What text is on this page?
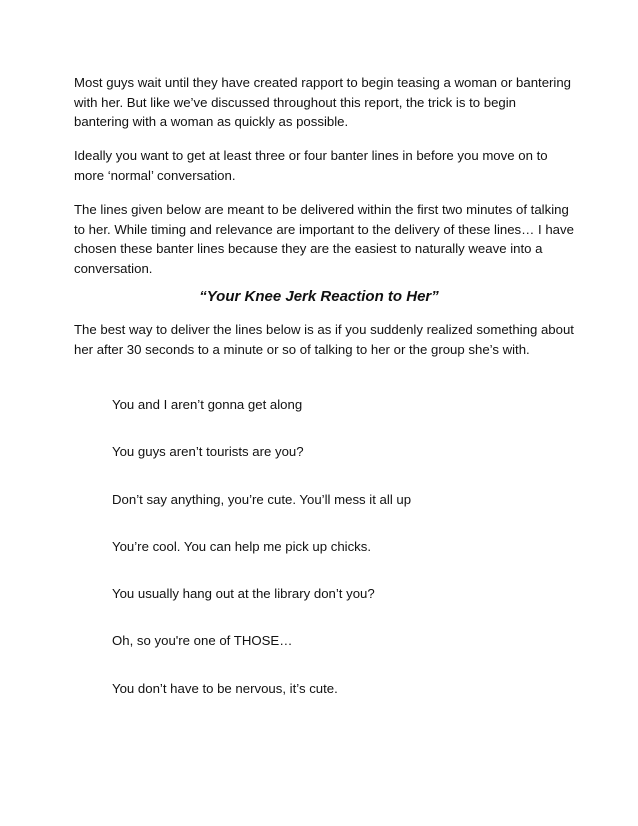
Most guys wait until they have created rapport to begin teasing a woman or bantering with her. But like we’ve discussed throughout this report, the trick is to begin bantering with a woman as quickly as possible.

Ideally you want to get at least three or four banter lines in before you move on to more ‘normal’ conversation.

The lines given below are meant to be delivered within the first two minutes of talking to her. While timing and relevance are important to the delivery of these lines… I have chosen these banter lines because they are the easiest to naturally weave into a conversation.

“Your Knee Jerk Reaction to Her”

The best way to deliver the lines below is as if you suddenly realized something about her after 30 seconds to a minute or so of talking to her or the group she’s with.

You and I aren’t gonna get along
You guys aren’t tourists are you?
Don’t say anything, you’re cute. You’ll mess it all up
You’re cool. You can help me pick up chicks.
You usually hang out at the library don’t you?
Oh, so you're one of THOSE…
You don’t have to be nervous, it’s cute.
